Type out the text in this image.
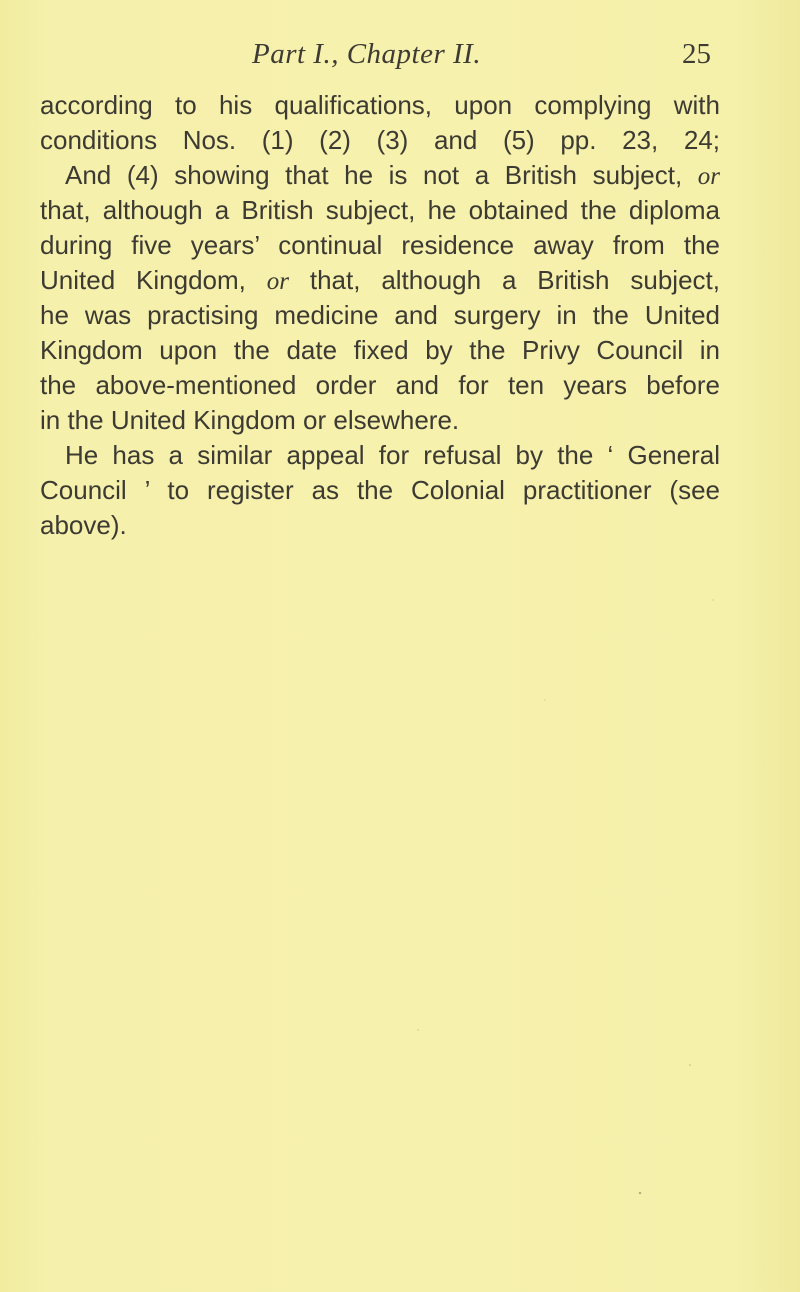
Part I., Chapter II.	25
according to his qualifications, upon complying with
conditions Nos. (1) (2) (3) and (5) pp. 23, 24;
And (4) showing that he is not a British subject, or
that, although a British subject, he obtained the diploma
during five years’ continual residence away from the
United Kingdom, or that, although a British subject,
he was practising medicine and surgery in the United
Kingdom upon the date fixed by the Privy Council in
the above-mentioned order and for ten years before
in the United Kingdom or elsewhere.
He has a similar appeal for refusal by the ‘ General
Council ’ to register as the Colonial practitioner (see
above).
